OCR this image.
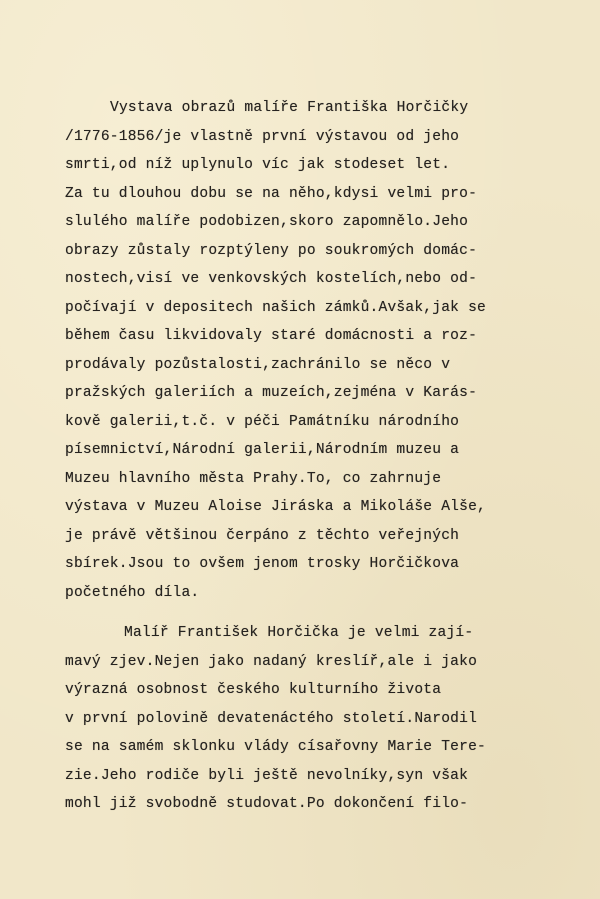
Vystava obrazů malíře Františka Horčičky
/1776-1856/je vlastně první výstavou od jeho
smrti,od níž uplynulo víc jak stodeset let.
Za tu dlouhou dobu se na něho,kdysi velmi pro-
slulého malíře podobizen,skoro zapomnělo.Jeho
obrazy zůstaly rozptýleny po soukromých domác-
nostech,visí ve venkovských kostelích,nebo od-
počívají v depositech našich zámků.Avšak,jak se
během času likvidovaly staré domácnosti a roz-
prodávaly pozůstalosti,zachránilo se něco v
pražských galeriích a muzeích,zejména v Karás-
kově galerii,t.č. v péči Památníku národního
písemnictví,Národní galerii,Národním muzeu a
Muzeu hlavního města Prahy.To, co zahrnuje
výstava v Muzeu Aloise Jiráska a Mikoláše Alše,
je právě většinou čerpáno z těchto veřejných
sbírek.Jsou to ovšem jenom trosky Horčičkova
početného díla.
Malíř František Horčička je velmi zají-
mavý zjev.Nejen jako nadaný kreslíř,ale i jako
výrazná osobnost českého kulturního života
v první polovině devatenáctého století.Narodil
se na samém sklonku vlády císařovny Marie Tere-
zie.Jeho rodiče byli ještě nevolníky,syn však
mohl již svobodně studovat.Po dokončení filo-
